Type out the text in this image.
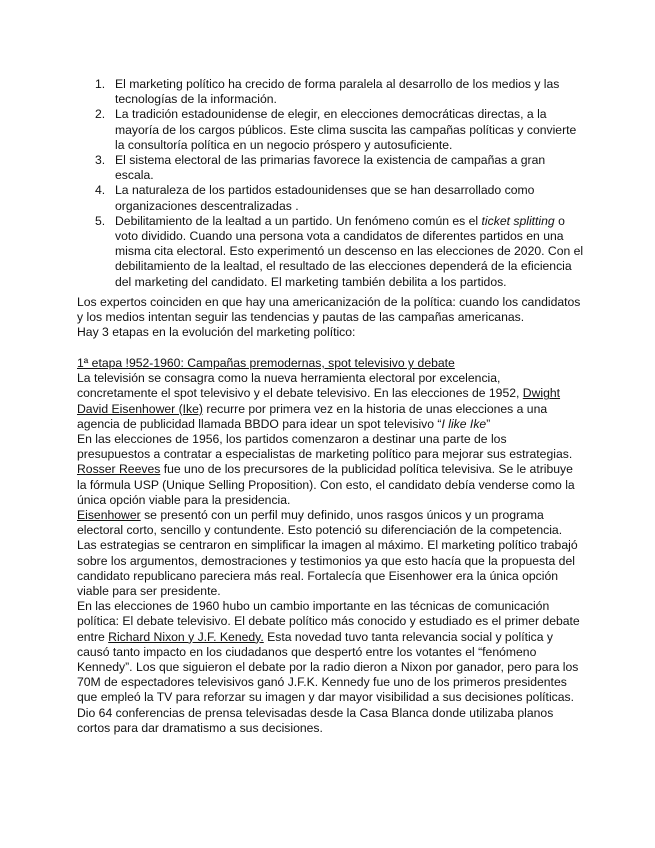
1. El marketing político ha crecido de forma paralela al desarrollo de los medios y las tecnologías de la información.
2. La tradición estadounidense de elegir, en elecciones democráticas directas, a la mayoría de los cargos públicos. Este clima suscita las campañas políticas y convierte la consultoría política en un negocio próspero y autosuficiente.
3. El sistema electoral de las primarias favorece la existencia de campañas a gran escala.
4. La naturaleza de los partidos estadounidenses que se han desarrollado como organizaciones descentralizadas .
5. Debilitamiento de la lealtad a un partido. Un fenómeno común es el ticket splitting o voto dividido. Cuando una persona vota a candidatos de diferentes partidos en una misma cita electoral. Esto experimentó un descenso en las elecciones de 2020. Con el debilitamiento de la lealtad, el resultado de las elecciones dependerá de la eficiencia del marketing del candidato. El marketing también debilita a los partidos.

Los expertos coinciden en que hay una americanización de la política: cuando los candidatos y los medios intentan seguir las tendencias y pautas de las campañas americanas.

Hay 3 etapas en la evolución del marketing político:

1ª etapa !952-1960: Campañas premodernas, spot televisivo y debate

La televisión se consagra como la nueva herramienta electoral por excelencia, concretamente el spot televisivo y el debate televisivo. En las elecciones de 1952, Dwight David Eisenhower (Ike) recurre por primera vez en la historia de unas elecciones a una agencia de publicidad llamada BBDO para idear un spot televisivo “I like Ike”

En las elecciones de 1956, los partidos comenzaron a destinar una parte de los presupuestos a contratar a especialistas de marketing político para mejorar sus estrategias. Rosser Reeves fue uno de los precursores de la publicidad política televisiva. Se le atribuye la fórmula USP (Unique Selling Proposition). Con esto, el candidato debía venderse como la única opción viable para la presidencia.

Eisenhower se presentó con un perfil muy definido, unos rasgos únicos y un programa electoral corto, sencillo y contundente. Esto potenció su diferenciación de la competencia. Las estrategias se centraron en simplificar la imagen al máximo. El marketing político trabajó sobre los argumentos, demostraciones y testimonios ya que esto hacía que la propuesta del candidato republicano pareciera más real. Fortalecía que Eisenhower era la única opción viable para ser presidente.

En las elecciones de 1960 hubo un cambio importante en las técnicas de comunicación política: El debate televisivo. El debate político más conocido y estudiado es el primer debate entre Richard Nixon y J.F. Kenedy. Esta novedad tuvo tanta relevancia social y política y causó tanto impacto en los ciudadanos que despertó entre los votantes el “fenómeno Kennedy”. Los que siguieron el debate por la radio dieron a Nixon por ganador, pero para los 70M de espectadores televisivos ganó J.F.K. Kennedy fue uno de los primeros presidentes que empleó la TV para reforzar su imagen y dar mayor visibilidad a sus decisiones políticas. Dio 64 conferencias de prensa televisadas desde la Casa Blanca donde utilizaba planos cortos para dar dramatismo a sus decisiones.
